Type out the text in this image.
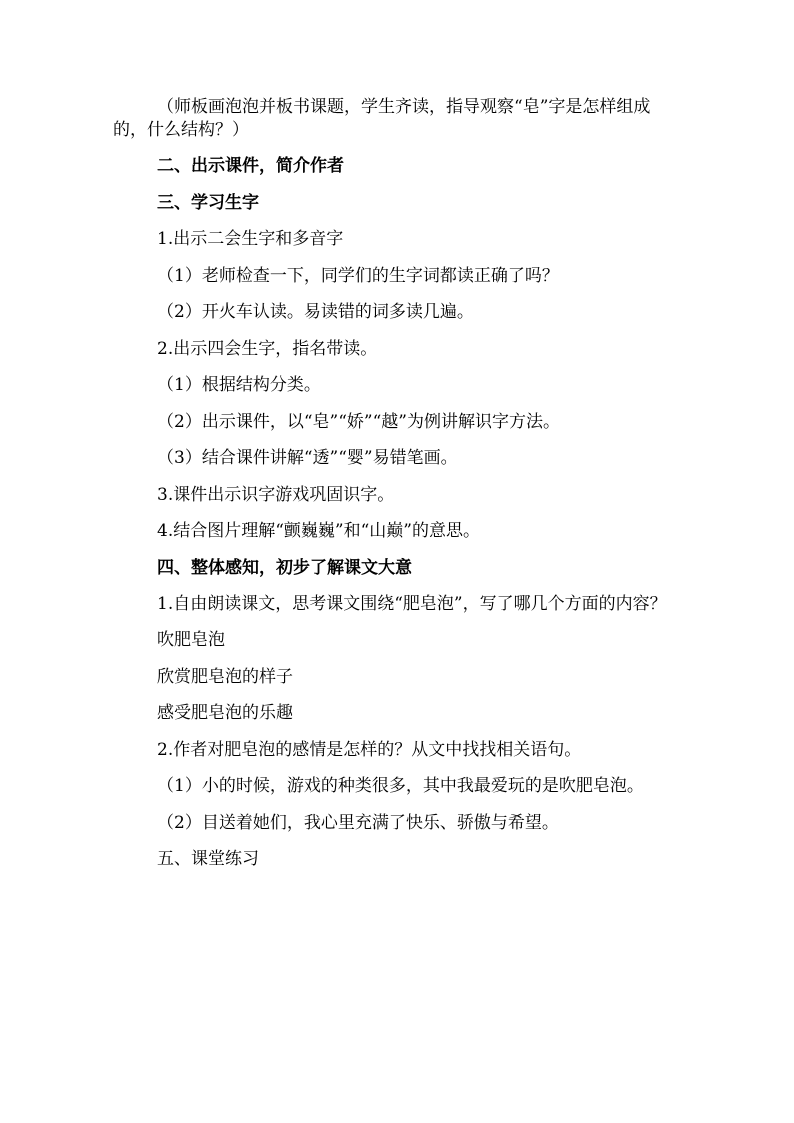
（师板画泡泡并板书课题，学生齐读，指导观察“皂”字是怎样组成的，什么结构？）

二、出示课件，简介作者

三、学习生字

1.出示二会生字和多音字

（1）老师检查一下，同学们的生字词都读正确了吗？

（2）开火车认读。易读错的词多读几遍。

2.出示四会生字，指名带读。

（1）根据结构分类。

（2）出示课件，以“皂”“娇”“越”为例讲解识字方法。

（3）结合课件讲解“透”“婴”易错笔画。

3.课件出示识字游戏巩固识字。

4.结合图片理解“颤巍巍”和“山巅”的意思。

四、整体感知，初步了解课文大意

1.自由朗读课文，思考课文围绕“肥皂泡”，写了哪几个方面的内容？

吹肥皂泡

欣赏肥皂泡的样子

感受肥皂泡的乐趣

2.作者对肥皂泡的感情是怎样的？从文中找找相关语句。

（1）小的时候，游戏的种类很多，其中我最爱玩的是吹肥皂泡。

（2）目送着她们，我心里充满了快乐、骄傲与希望。

五、课堂练习
